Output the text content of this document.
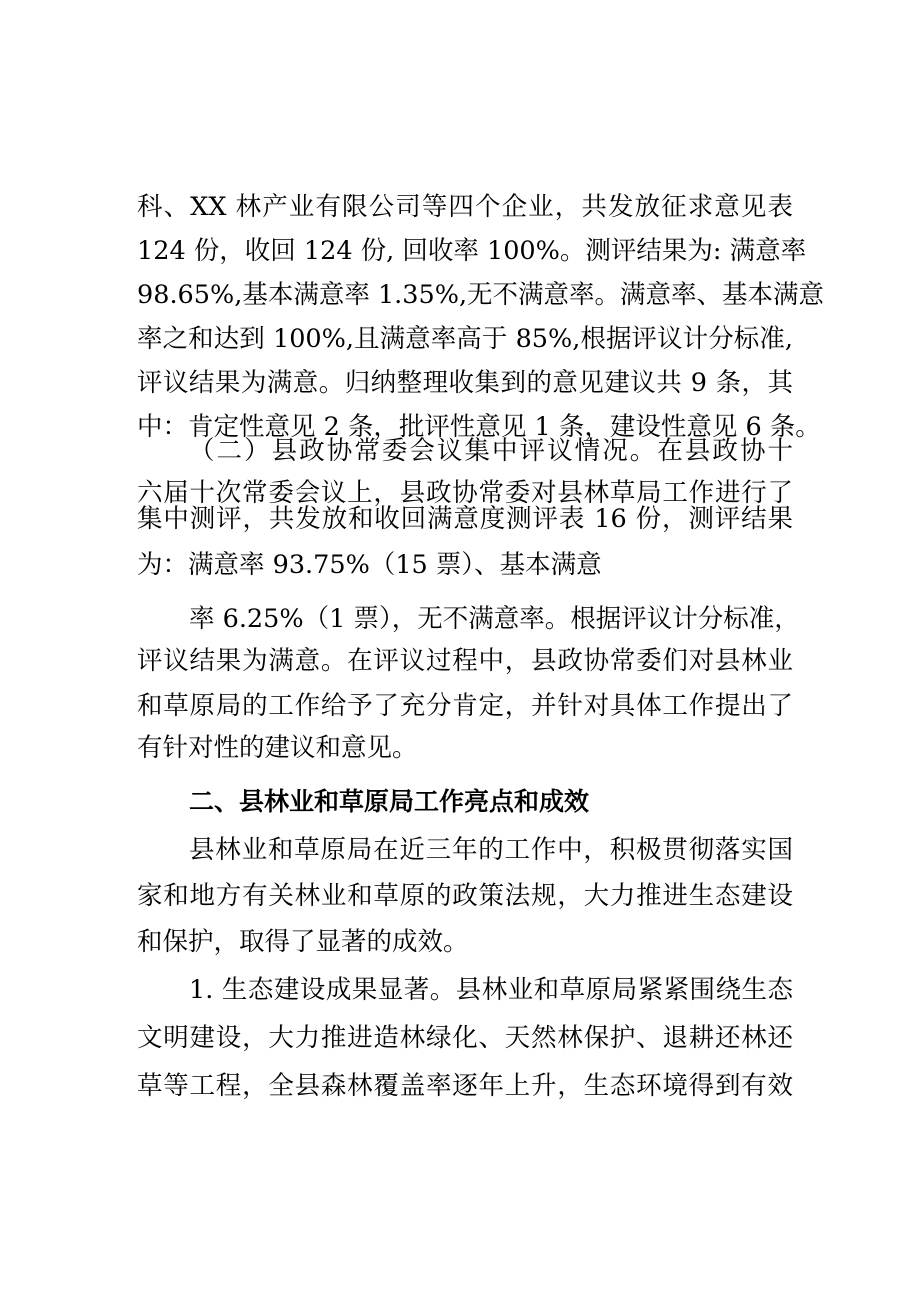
科、XX 林产业有限公司等四个企业，共发放征求意见表
124 份，收回 124 份, 回收率 100%。测评结果为: 满意率
98.65%,基本满意率 1.35%,无不满意率。满意率、基本满意
率之和达到 100%,且满意率高于 85%,根据评议计分标准,
评议结果为满意。归纳整理收集到的意见建议共 9 条，其
中：肯定性意见 2 条，批评性意见 1 条，建设性意见 6 条。
（二）县政协常委会议集中评议情况。在县政协十
六届十次常委会议上，县政协常委对县林草局工作进行了
集中测评，共发放和收回满意度测评表 16 份，测评结果
为：满意率 93.75%（15 票）、基本满意
率 6.25%（1 票），无不满意率。根据评议计分标准，
评议结果为满意。在评议过程中，县政协常委们对县林业
和草原局的工作给予了充分肯定，并针对具体工作提出了
有针对性的建议和意见。
二、县林业和草原局工作亮点和成效
县林业和草原局在近三年的工作中，积极贯彻落实国
家和地方有关林业和草原的政策法规，大力推进生态建设
和保护，取得了显著的成效。
1. 生态建设成果显著。县林业和草原局紧紧围绕生态
文明建设，大力推进造林绿化、天然林保护、退耕还林还
草等工程，全县森林覆盖率逐年上升，生态环境得到有效
